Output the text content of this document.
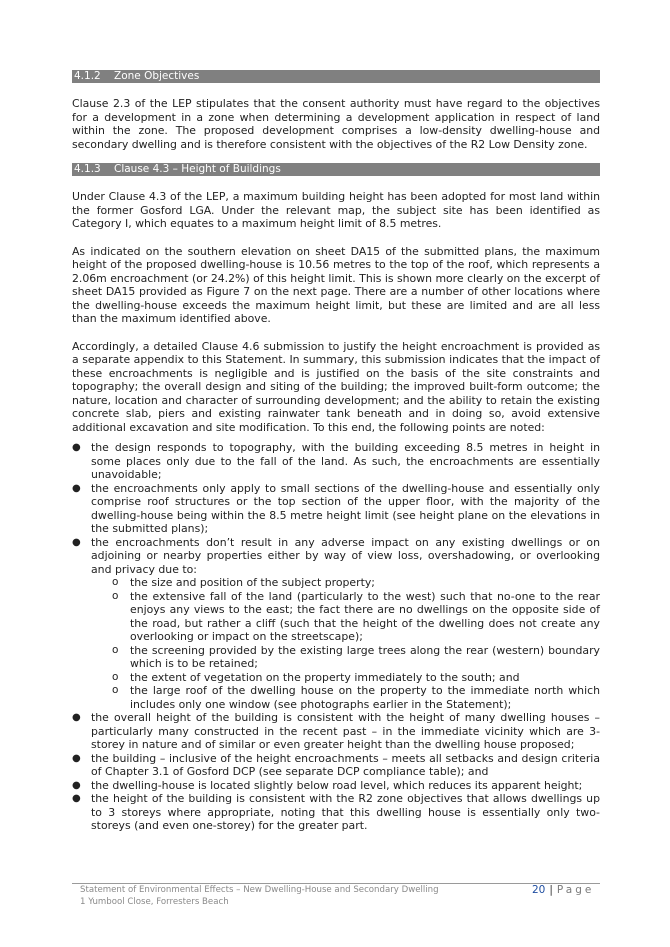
4.1.2 Zone Objectives

Clause 2.3 of the LEP stipulates that the consent authority must have regard to the objectives for a development in a zone when determining a development application in respect of land within the zone. The proposed development comprises a low-density dwelling-house and secondary dwelling and is therefore consistent with the objectives of the R2 Low Density zone.

4.1.3 Clause 4.3 – Height of Buildings

Under Clause 4.3 of the LEP, a maximum building height has been adopted for most land within the former Gosford LGA. Under the relevant map, the subject site has been identified as Category I, which equates to a maximum height limit of 8.5 metres.

As indicated on the southern elevation on sheet DA15 of the submitted plans, the maximum height of the proposed dwelling-house is 10.56 metres to the top of the roof, which represents a 2.06m encroachment (or 24.2%) of this height limit. This is shown more clearly on the excerpt of sheet DA15 provided as Figure 7 on the next page. There are a number of other locations where the dwelling-house exceeds the maximum height limit, but these are limited and are all less than the maximum identified above.

Accordingly, a detailed Clause 4.6 submission to justify the height encroachment is provided as a separate appendix to this Statement. In summary, this submission indicates that the impact of these encroachments is negligible and is justified on the basis of the site constraints and topography; the overall design and siting of the building; the improved built-form outcome; the nature, location and character of surrounding development; and the ability to retain the existing concrete slab, piers and existing rainwater tank beneath and in doing so, avoid extensive additional excavation and site modification. To this end, the following points are noted:

● the design responds to topography, with the building exceeding 8.5 metres in height in some places only due to the fall of the land. As such, the encroachments are essentially unavoidable;
● the encroachments only apply to small sections of the dwelling-house and essentially only comprise roof structures or the top section of the upper floor, with the majority of the dwelling-house being within the 8.5 metre height limit (see height plane on the elevations in the submitted plans);
● the encroachments don’t result in any adverse impact on any existing dwellings or on adjoining or nearby properties either by way of view loss, overshadowing, or overlooking and privacy due to:
o the size and position of the subject property;
o the extensive fall of the land (particularly to the west) such that no-one to the rear enjoys any views to the east; the fact there are no dwellings on the opposite side of the road, but rather a cliff (such that the height of the dwelling does not create any overlooking or impact on the streetscape);
o the screening provided by the existing large trees along the rear (western) boundary which is to be retained;
o the extent of vegetation on the property immediately to the south; and
o the large roof of the dwelling house on the property to the immediate north which includes only one window (see photographs earlier in the Statement);
● the overall height of the building is consistent with the height of many dwelling houses – particularly many constructed in the recent past – in the immediate vicinity which are 3-storey in nature and of similar or even greater height than the dwelling house proposed;
● the building – inclusive of the height encroachments – meets all setbacks and design criteria of Chapter 3.1 of Gosford DCP (see separate DCP compliance table); and
● the dwelling-house is located slightly below road level, which reduces its apparent height;
● the height of the building is consistent with the R2 zone objectives that allows dwellings up to 3 storeys where appropriate, noting that this dwelling house is essentially only two-storeys (and even one-storey) for the greater part.
Statement of Environmental Effects – New Dwelling-House and Secondary Dwelling
1 Yumbool Close, Forresters Beach
20 | Page
